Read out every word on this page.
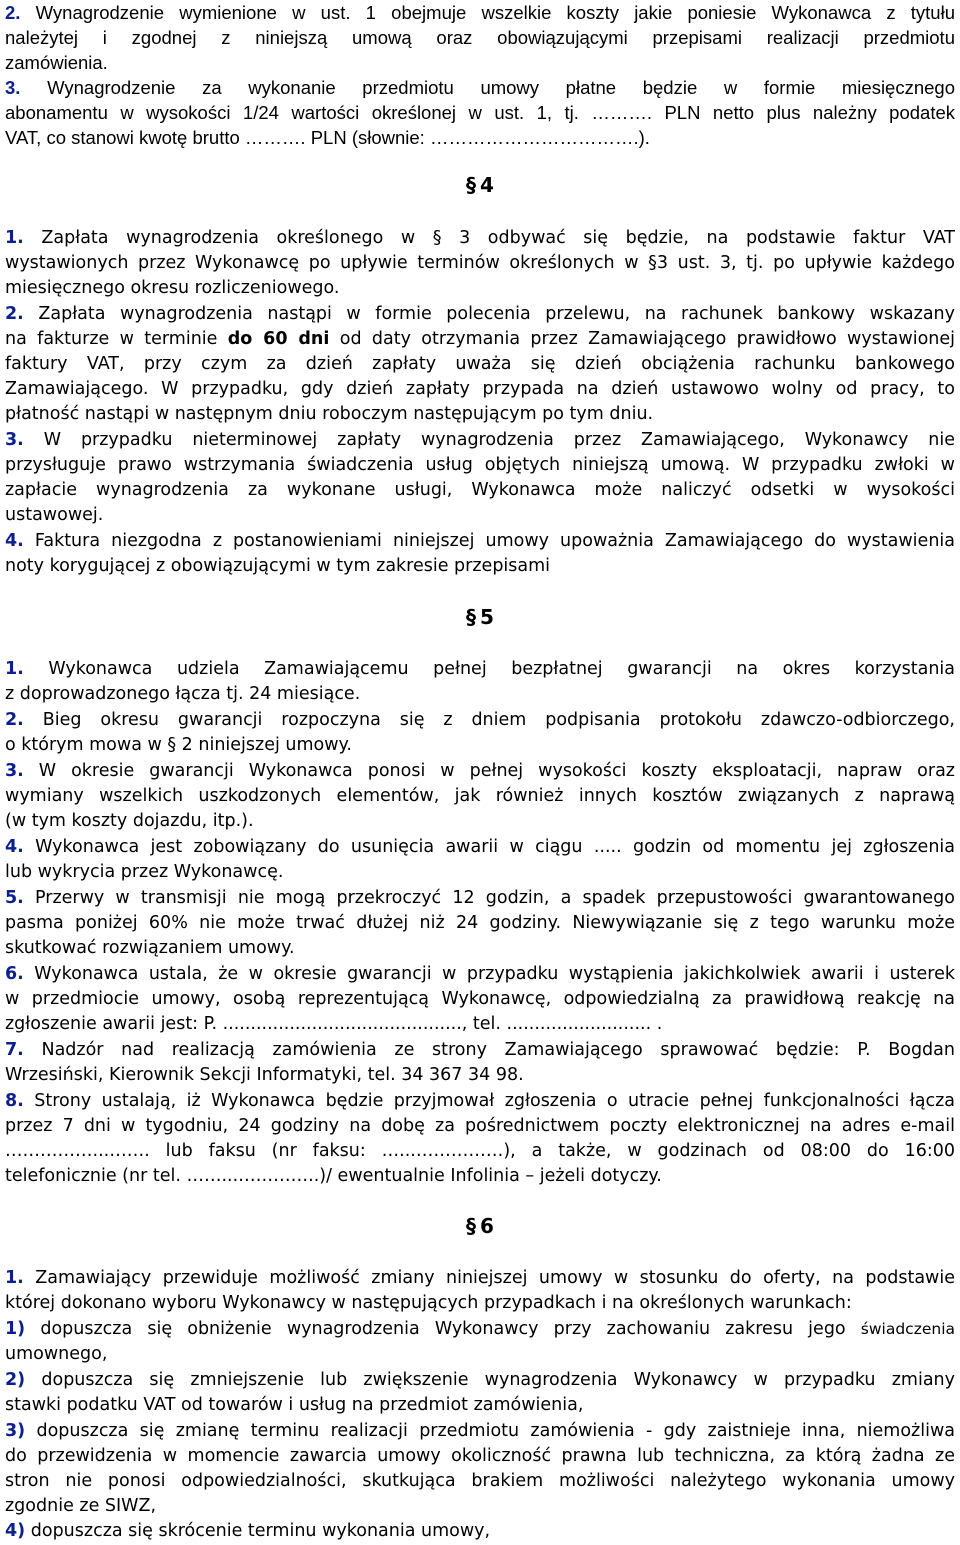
2. Wynagrodzenie wymienione w ust. 1 obejmuje wszelkie koszty jakie poniesie Wykonawca z tytułu
należytej i zgodnej z niniejszą umową oraz obowiązującymi przepisami realizacji przedmiotu
zamówienia.
3. Wynagrodzenie za wykonanie przedmiotu umowy płatne będzie w formie miesięcznego
abonamentu w wysokości 1/24 wartości określonej w ust. 1, tj. ………. PLN netto plus należny podatek
VAT, co stanowi kwotę brutto ………. PLN (słownie: …………………………….).
§ 4
1. Zapłata wynagrodzenia określonego w § 3 odbywać się będzie, na podstawie faktur VAT
wystawionych przez Wykonawcę po upływie terminów określonych w §3 ust. 3, tj. po upływie każdego
miesięcznego okresu rozliczeniowego.
2. Zapłata wynagrodzenia nastąpi w formie polecenia przelewu, na rachunek bankowy wskazany
na fakturze w terminie do 60 dni od daty otrzymania przez Zamawiającego prawidłowo wystawionej
faktury VAT, przy czym za dzień zapłaty uważa się dzień obciążenia rachunku bankowego
Zamawiającego. W przypadku, gdy dzień zapłaty przypada na dzień ustawowo wolny od pracy, to
płatność nastąpi w następnym dniu roboczym następującym po tym dniu.
3. W przypadku nieterminowej zapłaty wynagrodzenia przez Zamawiającego, Wykonawcy nie
przysługuje prawo wstrzymania świadczenia usług objętych niniejszą umową. W przypadku zwłoki w
zapłacie wynagrodzenia za wykonane usługi, Wykonawca może naliczyć odsetki w wysokości
ustawowej.
4. Faktura niezgodna z postanowieniami niniejszej umowy upoważnia Zamawiającego do wystawienia
noty korygującej z obowiązującymi w tym zakresie przepisami
§ 5
1. Wykonawca udziela Zamawiającemu pełnej bezpłatnej gwarancji na okres korzystania
z doprowadzonego łącza tj. 24 miesiące.
2. Bieg okresu gwarancji rozpoczyna się z dniem podpisania protokołu zdawczo-odbiorczego,
o którym mowa w § 2 niniejszej umowy.
3. W okresie gwarancji Wykonawca ponosi w pełnej wysokości koszty eksploatacji, napraw oraz
wymiany wszelkich uszkodzonych elementów, jak również innych kosztów związanych z naprawą
(w tym koszty dojazdu, itp.).
4. Wykonawca jest zobowiązany do usunięcia awarii w ciągu ..... godzin od momentu jej zgłoszenia
lub wykrycia przez Wykonawcę.
5. Przerwy w transmisji nie mogą przekroczyć 12 godzin, a spadek przepustowości gwarantowanego
pasma poniżej 60% nie może trwać dłużej niż 24 godziny. Niewywiązanie się z tego warunku może
skutkować rozwiązaniem umowy.
6. Wykonawca ustala, że w okresie gwarancji w przypadku wystąpienia jakichkolwiek awarii i usterek
w przedmiocie umowy, osobą reprezentującą Wykonawcę, odpowiedzialną za prawidłową reakcję na
zgłoszenie awarii jest: P. ..........................................., tel. .......................... .
7. Nadzór nad realizacją zamówienia ze strony Zamawiającego sprawować będzie: P. Bogdan
Wrzesiński, Kierownik Sekcji Informatyki, tel. 34 367 34 98.
8. Strony ustalają, iż Wykonawca będzie przyjmował zgłoszenia o utracie pełnej funkcjonalności łącza
przez 7 dni w tygodniu, 24 godziny na dobę za pośrednictwem poczty elektronicznej na adres e-mail
……………...……. lub faksu (nr faksu: …...……………), a także, w godzinach od 08:00 do 16:00
telefonicznie (nr tel. ……...…………..)/ ewentualnie Infolinia – jeżeli dotyczy.
§ 6
1. Zamawiający przewiduje możliwość zmiany niniejszej umowy w stosunku do oferty, na podstawie
której dokonano wyboru Wykonawcy w następujących przypadkach i na określonych warunkach:
1) dopuszcza się obniżenie wynagrodzenia Wykonawcy przy zachowaniu zakresu jego świadczenia
umownego,
2) dopuszcza się zmniejszenie lub zwiększenie wynagrodzenia Wykonawcy w przypadku zmiany
stawki podatku VAT od towarów i usług na przedmiot zamówienia,
3) dopuszcza się zmianę terminu realizacji przedmiotu zamówienia - gdy zaistnieje inna, niemożliwa
do przewidzenia w momencie zawarcia umowy okoliczność prawna lub techniczna, za którą żadna ze
stron nie ponosi odpowiedzialności, skutkująca brakiem możliwości należytego wykonania umowy
zgodnie ze SIWZ,
4) dopuszcza się skrócenie terminu wykonania umowy,
